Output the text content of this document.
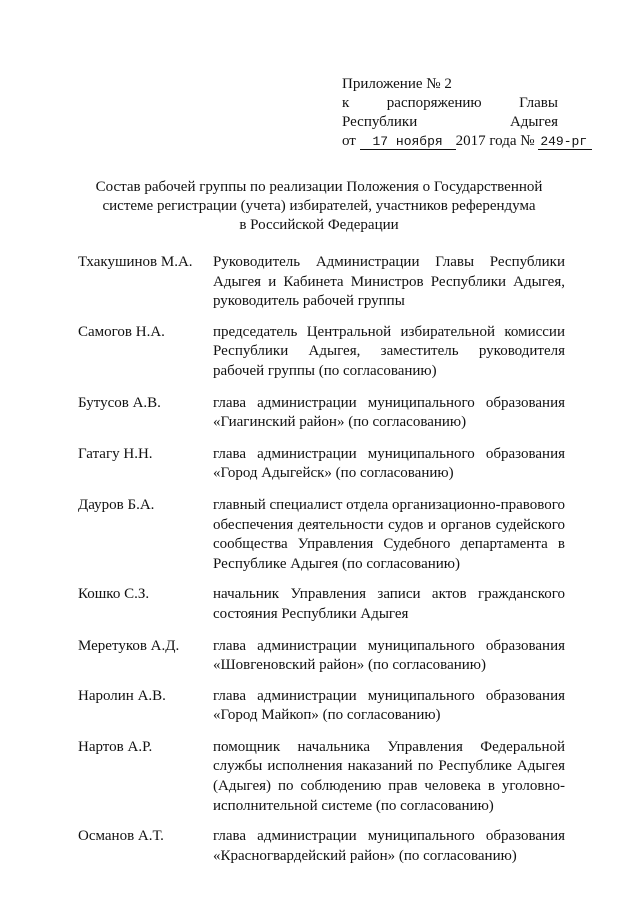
Приложение № 2
к	распоряжению	Главы
Республики	Адыгея
от 17 ноября 2017 года № 249-рг
Состав рабочей группы по реализации Положения о Государственной
системе регистрации (учета) избирателей, участников референдума
в Российской Федерации
Тхакушинов М.А.	Руководитель Администрации Главы Республики Адыгея и Кабинета Министров Республики Адыгея, руководитель рабочей группы
Самогов Н.А.	председатель Центральной избирательной комиссии Республики Адыгея, заместитель руководителя рабочей группы (по согласованию)
Бутусов А.В.	глава администрации муниципального образования «Гиагинский район» (по согласованию)
Гатагу Н.Н.	глава администрации муниципального образования «Город Адыгейск» (по согласованию)
Дауров Б.А.	главный специалист отдела организационно-правового обеспечения деятельности судов и органов судейского сообщества Управления Судебного департамента в Республике Адыгея (по согласованию)
Кошко С.З.	начальник Управления записи актов гражданского состояния Республики Адыгея
Меретуков А.Д.	глава администрации муниципального образования «Шовгеновский район» (по согласованию)
Наролин А.В.	глава администрации муниципального образования «Город Майкоп» (по согласованию)
Нартов А.Р.	помощник начальника Управления Федеральной службы исполнения наказаний по Республике Адыгея (Адыгея) по соблюдению прав человека в уголовно-исполнительной системе (по согласованию)
Османов А.Т.	глава администрации муниципального образования «Красногвардейский район» (по согласованию)
